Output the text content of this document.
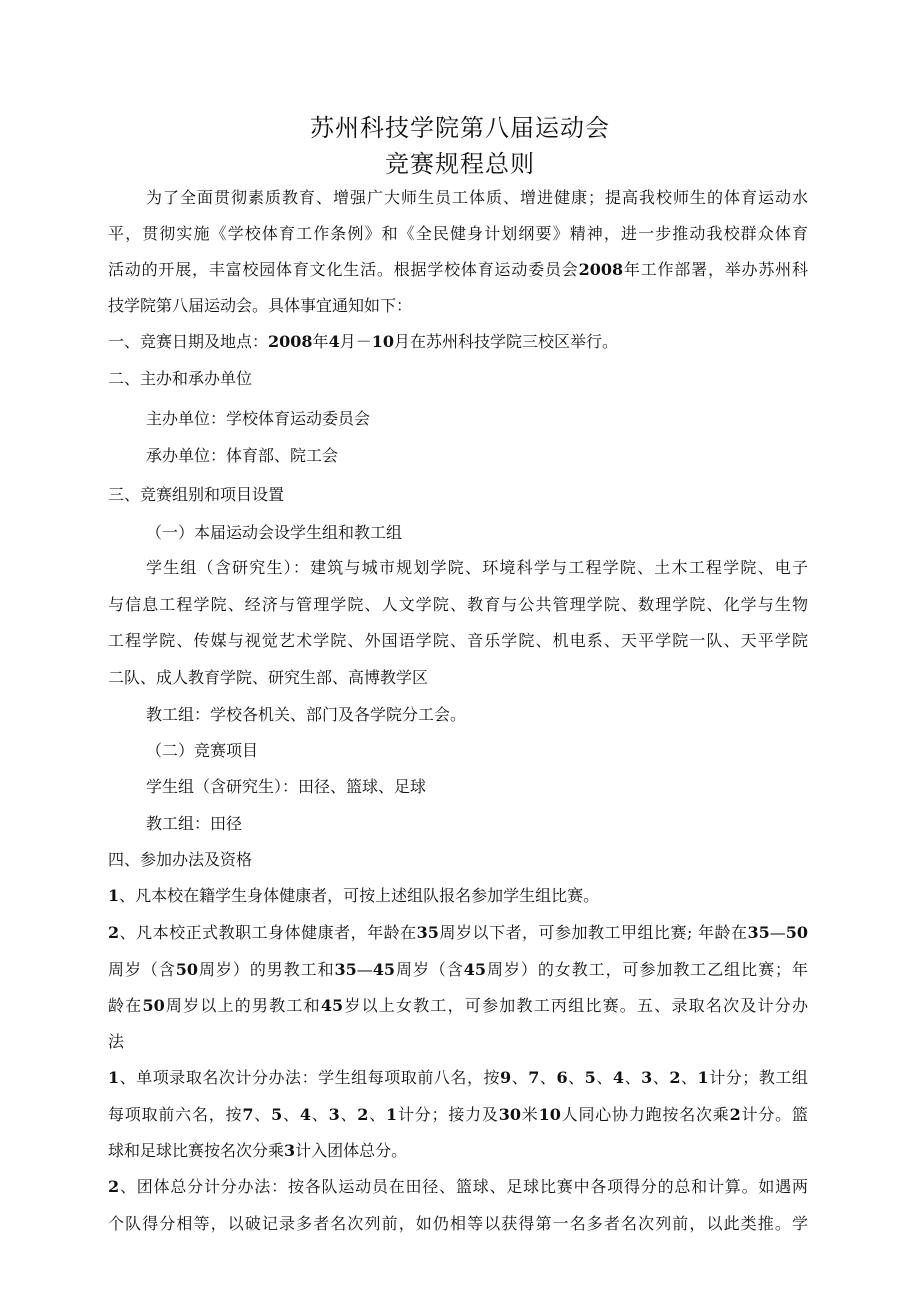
苏州科技学院第八届运动会
竞赛规程总则

为了全面贯彻素质教育、增强广大师生员工体质、增进健康；提高我校师生的体育运动水

平，贯彻实施《学校体育工作条例》和《全民健身计划纲要》精神，进一步推动我校群众体育

活动的开展，丰富校园体育文化生活。根据学校体育运动委员会2008年工作部署，举办苏州科

技学院第八届运动会。具体事宜通知如下：

一、竞赛日期及地点：2008年4月－10月在苏州科技学院三校区举行。

二、主办和承办单位

主办单位：学校体育运动委员会

承办单位：体育部、院工会

三、竞赛组别和项目设置

（一）本届运动会设学生组和教工组

学生组（含研究生）：建筑与城市规划学院、环境科学与工程学院、土木工程学院、电子

与信息工程学院、经济与管理学院、人文学院、教育与公共管理学院、数理学院、化学与生物

工程学院、传媒与视觉艺术学院、外国语学院、音乐学院、机电系、天平学院一队、天平学院

二队、成人教育学院、研究生部、高博教学区

教工组：学校各机关、部门及各学院分工会。

（二）竞赛项目

学生组（含研究生）：田径、篮球、足球

教工组：田径

四、参加办法及资格

1、凡本校在籍学生身体健康者，可按上述组队报名参加学生组比赛。

2、凡本校正式教职工身体健康者，年龄在35周岁以下者，可参加教工甲组比赛; 年龄在35—50

周岁（含50周岁）的男教工和35—45周岁（含45周岁）的女教工，可参加教工乙组比赛；年

龄在50周岁以上的男教工和45岁以上女教工，可参加教工丙组比赛。五、录取名次及计分办

法

1、单项录取名次计分办法：学生组每项取前八名，按9、7、6、5、4、3、2、1计分；教工组

每项取前六名，按7、5、4、3、2、1计分；接力及30米10人同心协力跑按名次乘2计分。篮

球和足球比赛按名次分乘3计入团体总分。

2、团体总分计分办法：按各队运动员在田径、篮球、足球比赛中各项得分的总和计算。如遇两

个队得分相等，以破记录多者名次列前，如仍相等以获得第一名多者名次列前，以此类推。学
